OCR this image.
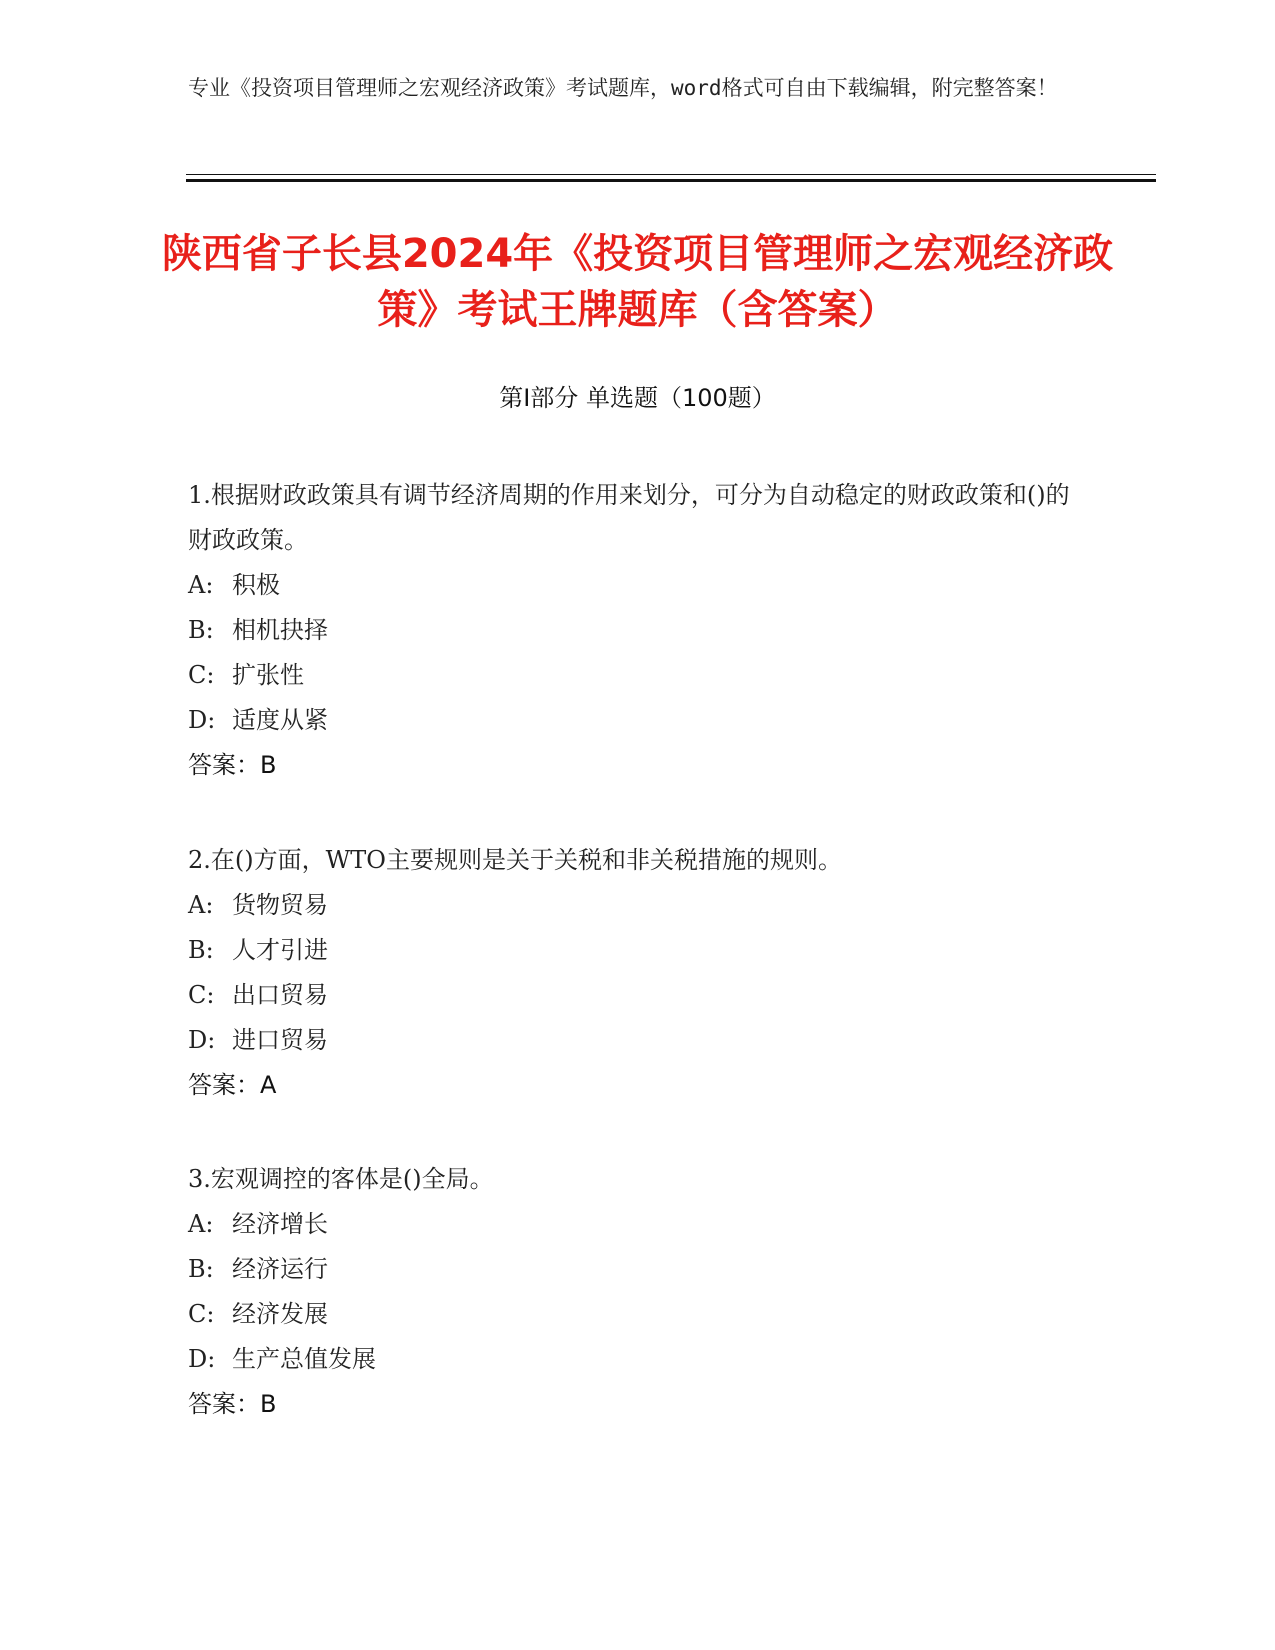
专业《投资项目管理师之宏观经济政策》考试题库，word格式可自由下载编辑，附完整答案！
陕西省子长县2024年《投资项目管理师之宏观经济政策》考试王牌题库（含答案）
第I部分 单选题（100题）

1.根据财政政策具有调节经济周期的作用来划分，可分为自动稳定的财政政策和()的财政政策。

A: 积极
B: 相机抉择
C: 扩张性
D: 适度从紧
答案：B

2.在()方面，WTO主要规则是关于关税和非关税措施的规则。

A: 货物贸易
B: 人才引进
C: 出口贸易
D: 进口贸易
答案：A

3.宏观调控的客体是()全局。

A: 经济增长
B: 经济运行
C: 经济发展
D: 生产总值发展
答案：B
